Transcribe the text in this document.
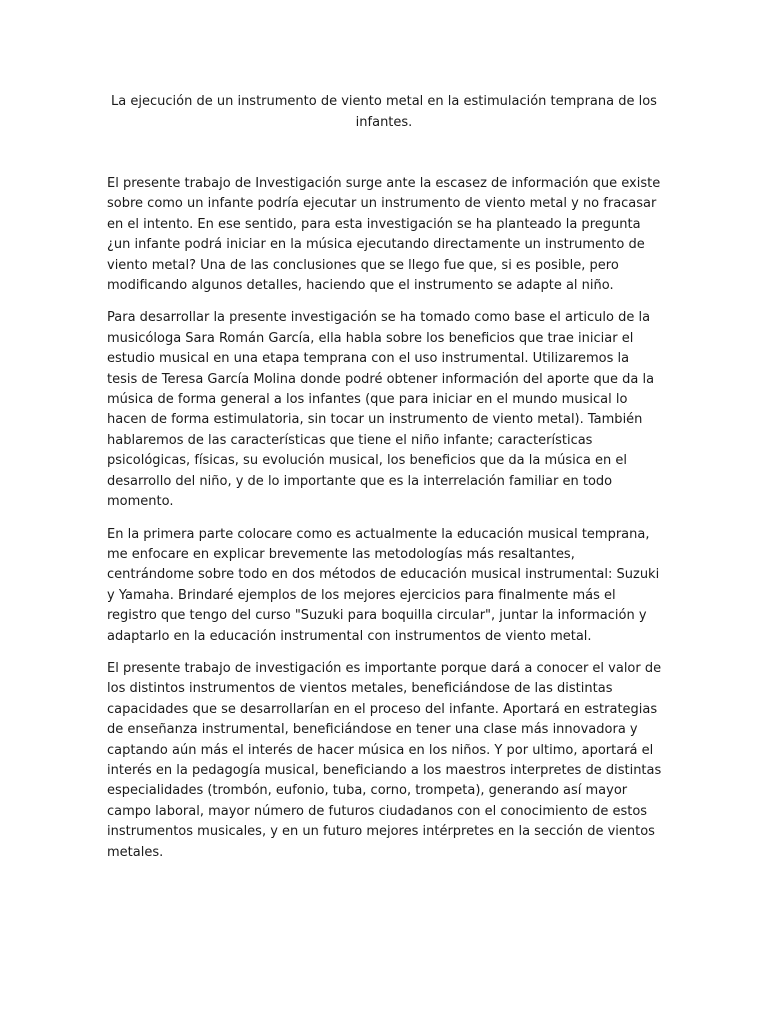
La ejecución de un instrumento de viento metal en la estimulación temprana de los infantes.

El presente trabajo de Investigación surge ante la escasez de información que existe sobre como un infante podría ejecutar un instrumento de viento metal y no fracasar en el intento. En ese sentido, para esta investigación se ha planteado la pregunta ¿un infante podrá iniciar en la música ejecutando directamente un instrumento de viento metal? Una de las conclusiones que se llego fue que, si es posible, pero modificando algunos detalles, haciendo que el instrumento se adapte al niño.

Para desarrollar la presente investigación se ha tomado como base el articulo de la musicóloga Sara Román García, ella habla sobre los beneficios que trae iniciar el estudio musical en una etapa temprana con el uso instrumental. Utilizaremos la tesis de Teresa García Molina donde podré obtener información del aporte que da la música de forma general a los infantes (que para iniciar en el mundo musical lo hacen de forma estimulatoria, sin tocar un instrumento de viento metal). También hablaremos de las características que tiene el niño infante; características psicológicas, físicas, su evolución musical, los beneficios que da la música en el desarrollo del niño, y de lo importante que es la interrelación familiar en todo momento.

En la primera parte colocare como es actualmente la educación musical temprana, me enfocare en explicar brevemente las metodologías más resaltantes, centrándome sobre todo en dos métodos de educación musical instrumental: Suzuki y Yamaha. Brindaré ejemplos de los mejores ejercicios para finalmente más el registro que tengo del curso "Suzuki para boquilla circular", juntar la información y adaptarlo en la educación instrumental con instrumentos de viento metal.

El presente trabajo de investigación es importante porque dará a conocer el valor de los distintos instrumentos de vientos metales, beneficiándose de las distintas capacidades que se desarrollarían en el proceso del infante. Aportará en estrategias de enseñanza instrumental, beneficiándose en tener una clase más innovadora y captando aún más el interés de hacer música en los niños. Y por ultimo, aportará el interés en la pedagogía musical, beneficiando a los maestros interpretes de distintas especialidades (trombón, eufonio, tuba, corno, trompeta), generando así mayor campo laboral, mayor número de futuros ciudadanos con el conocimiento de estos instrumentos musicales, y en un futuro mejores intérpretes en la sección de vientos metales.
